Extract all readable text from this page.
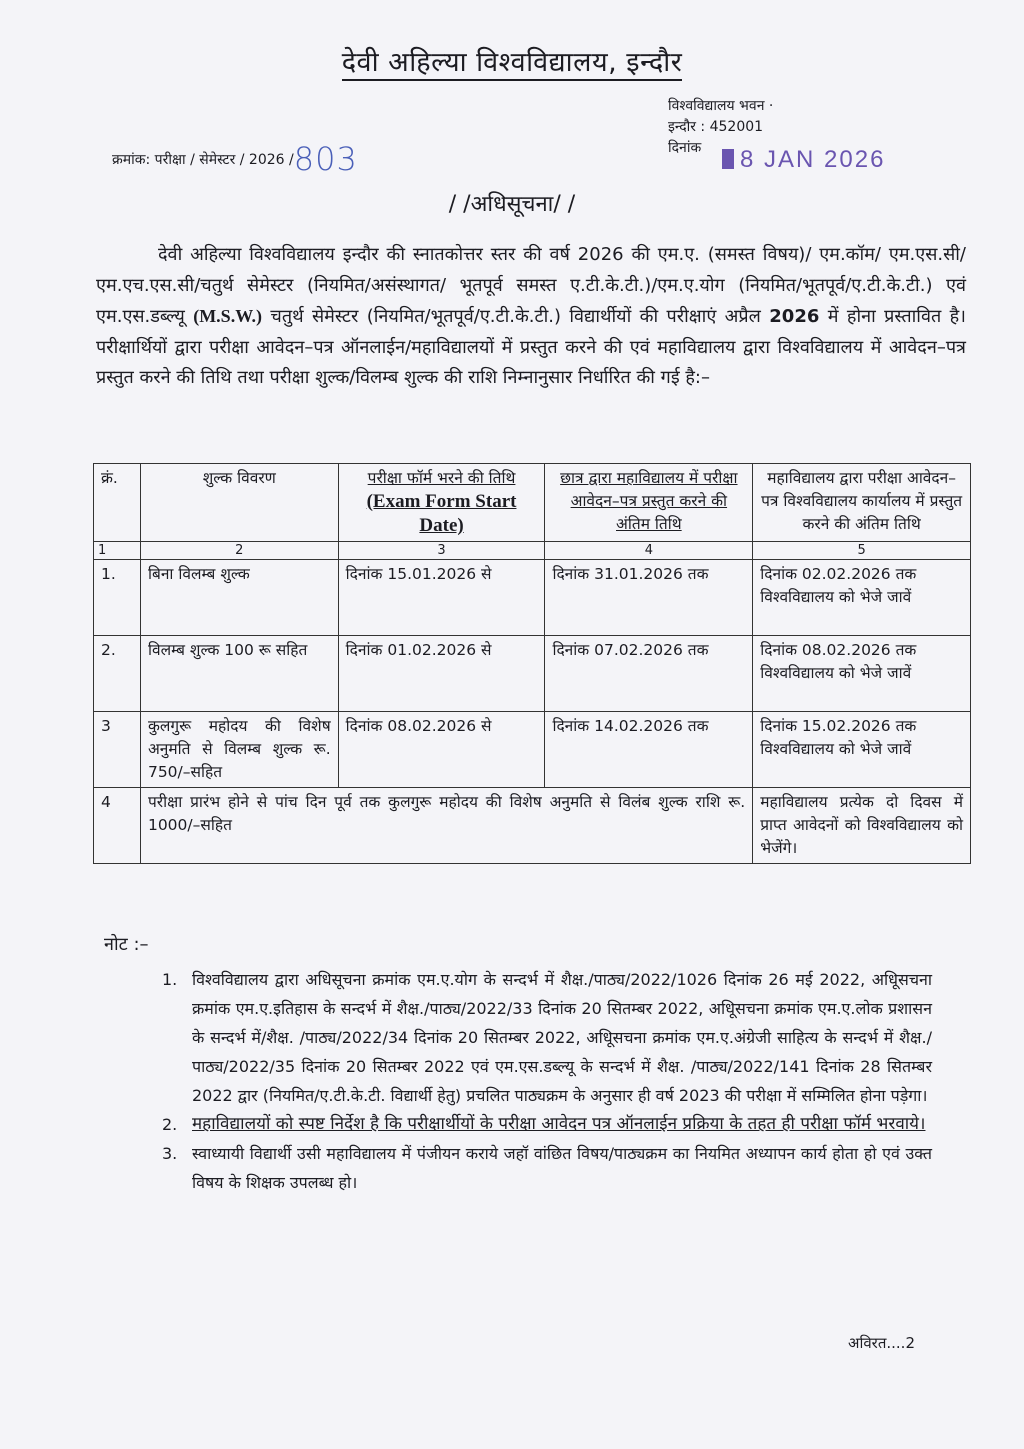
देवी अहिल्या विश्वविद्यालय, इन्दौर
क्रमांक: परीक्षा / सेमेस्टर / 2026 /803
विश्वविद्यालय भवन ·
इन्दौर : 452001
दिनांक	8 JAN 2026
/ /अधिसूचना/ /
देवी अहिल्या विश्वविद्यालय इन्दौर की स्नातकोत्तर स्तर की वर्ष 2026 की एम.ए. (समस्त विषय)/ एम.कॉम/ एम.एस.सी/ एम.एच.एस.सी/चतुर्थ सेमेस्टर (नियमित/असंस्थागत/ भूतपूर्व समस्त ए.टी.के.टी.)/एम.ए.योग (नियमित/भूतपूर्व/ए.टी.के.टी.) एवं एम.एस.डब्ल्यू (M.S.W.) चतुर्थ सेमेस्टर (नियमित/भूतपूर्व/ए.टी.के.टी.) विद्यार्थीयों की परीक्षाएं अप्रैल 2026 में होना प्रस्तावित है। परीक्षार्थियों द्वारा परीक्षा आवेदन–पत्र ऑनलाईन/महाविद्यालयों में प्रस्तुत करने की एवं महाविद्यालय द्वारा विश्वविद्यालय में आवेदन–पत्र प्रस्तुत करने की तिथि तथा परीक्षा शुल्क/विलम्ब शुल्क की राशि निम्नानुसार निर्धारित की गई है:–
क्रं.	शुल्क विवरण	परीक्षा फॉर्म भरने की तिथि (Exam Form Start Date)	छात्र द्वारा महाविद्यालय में परीक्षा आवेदन–पत्र प्रस्तुत करने की अंतिम तिथि	महाविद्यालय द्वारा परीक्षा आवेदन–पत्र विश्वविद्यालय कार्यालय में प्रस्तुत करने की अंतिम तिथि
1	2	3	4	5
1.	बिना विलम्ब शुल्क	दिनांक 15.01.2026 से	दिनांक 31.01.2026 तक	दिनांक 02.02.2026 तक विश्वविद्यालय को भेजे जावें
2.	विलम्ब शुल्क 100 रू सहित	दिनांक 01.02.2026 से	दिनांक 07.02.2026 तक	दिनांक 08.02.2026 तक विश्वविद्यालय को भेजे जावें
3	कुलगुरू महोदय की विशेष अनुमति से विलम्ब शुल्क रू. 750/–सहित	दिनांक 08.02.2026 से	दिनांक 14.02.2026 तक	दिनांक 15.02.2026 तक विश्वविद्यालय को भेजे जावें
4	परीक्षा प्रारंभ होने से पांच दिन पूर्व तक कुलगुरू महोदय की विशेष अनुमति से विलंब शुल्क राशि रू. 1000/–सहित			महाविद्यालय प्रत्येक दो दिवस में प्राप्त आवेदनों को विश्वविद्यालय को भेजेंगे।
नोट :–
1. विश्वविद्यालय द्वारा अधिसूचना क्रमांक एम.ए.योग के सन्दर्भ में शैक्ष./पाठ्य/2022/1026 दिनांक 26 मई 2022, अधिूसचना क्रमांक एम.ए.इतिहास के सन्दर्भ में शैक्ष./पाठ्य/2022/33 दिनांक 20 सितम्बर 2022, अधिूसचना क्रमांक एम.ए.लोक प्रशासन के सन्दर्भ में/शैक्ष. /पाठ्य/2022/34 दिनांक 20 सितम्बर 2022, अधिूसचना क्रमांक एम.ए.अंग्रेजी साहित्य के सन्दर्भ में शैक्ष./पाठ्य/2022/35 दिनांक 20 सितम्बर 2022 एवं एम.एस.डब्ल्यू के सन्दर्भ में शैक्ष. /पाठ्य/2022/141 दिनांक 28 सितम्बर 2022 द्वार (नियमित/ए.टी.के.टी. विद्यार्थी हेतु) प्रचलित पाठ्यक्रम के अनुसार ही वर्ष 2023 की परीक्षा में सम्मिलित होना पड़ेगा।
2. महाविद्यालयों को स्पष्ट निर्देश है कि परीक्षार्थीयों के परीक्षा आवेदन पत्र ऑनलाईन प्रक्रिया के तहत ही परीक्षा फॉर्म भरवाये।
3. स्वाध्यायी विद्यार्थी उसी महाविद्यालय में पंजीयन कराये जहॉ वांछित विषय/पाठ्यक्रम का नियमित अध्यापन कार्य होता हो एवं उक्त विषय के शिक्षक उपलब्ध हो।
अविरत....2
